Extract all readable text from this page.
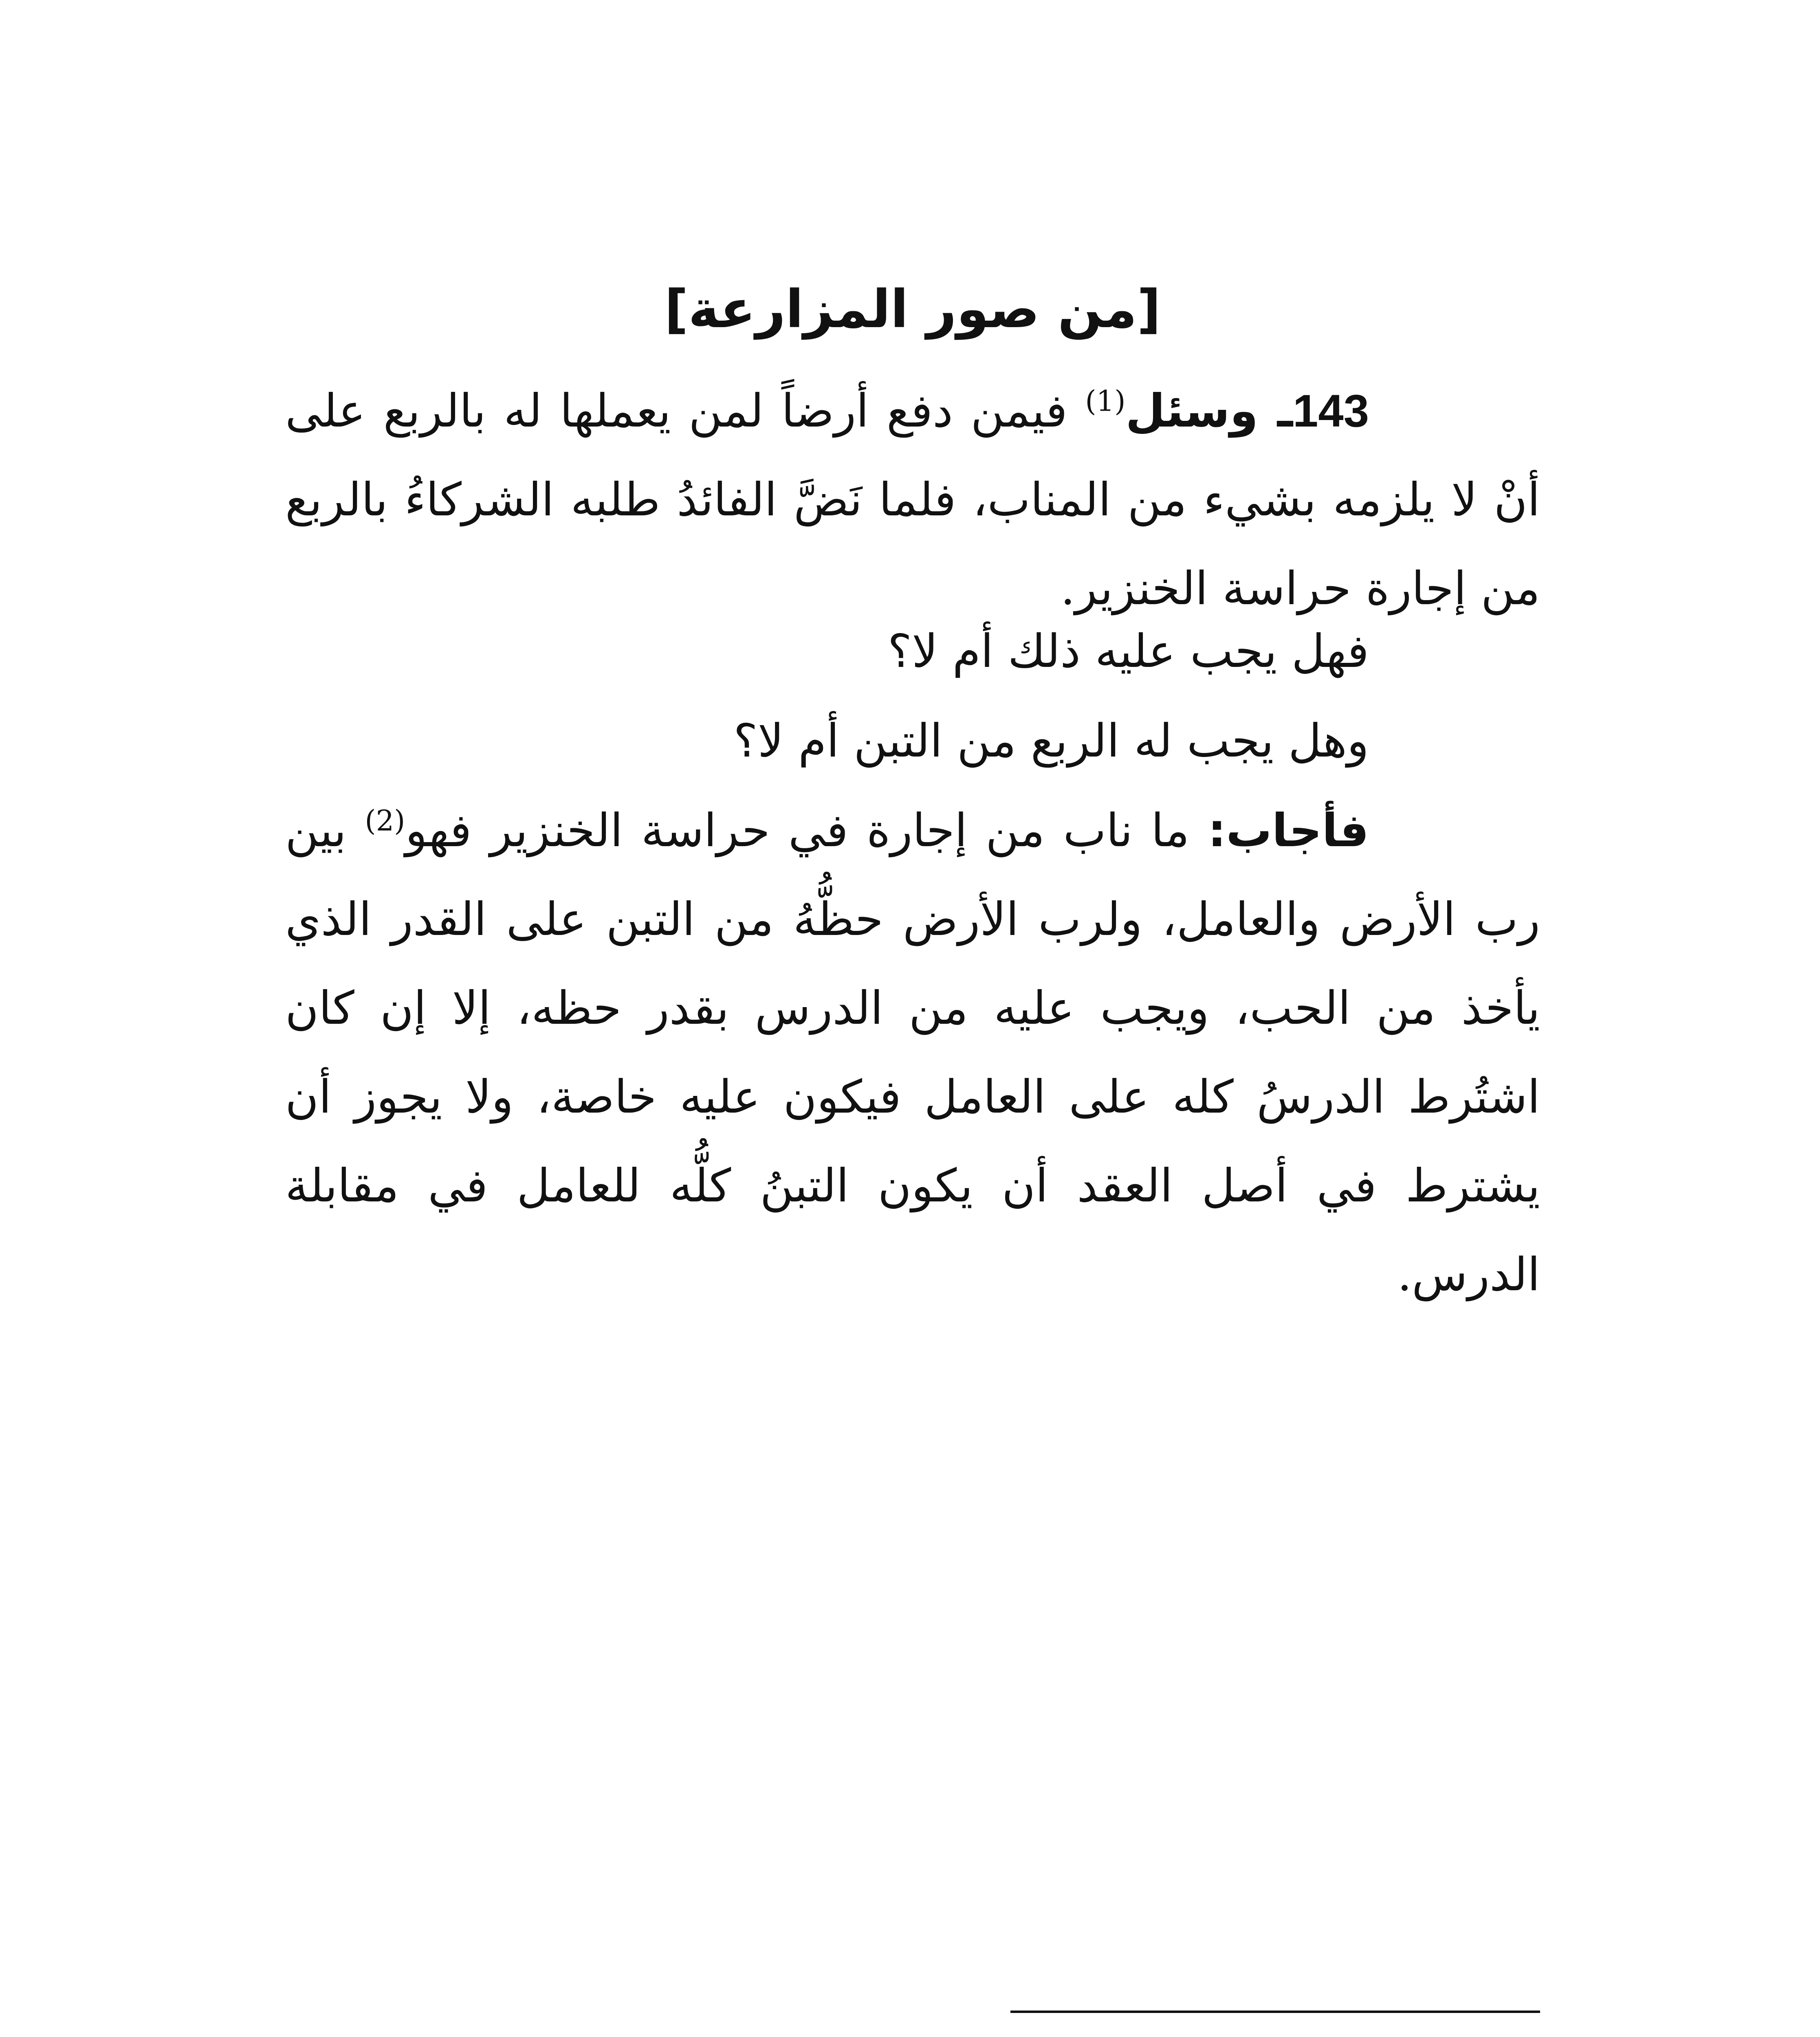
[من صور المزارعة]

143ـ وسئل$^{(1)}$ فيمن دفع أرضاً لمن يعملها له بالربع على أنْ لا يلزمه بشيء من المناب، فلما نَضَّ الفائدُ طلبه الشركاءُ بالربع من إجارة حراسة الخنزير.

فهل يجب عليه ذلك أم لا؟

وهل يجب له الربع من التبن أم لا؟

فأجاب: ما ناب من إجارة في حراسة الخنزير فهو$^{(2)}$ بين رب الأرض والعامل، ولرب الأرض حظُّهُ من التبن على القدر الذي يأخذ من الحب، ويجب عليه من الدرس بقدر حظه، إلا إن كان اشتُرط الدرسُ كله على العامل فيكون عليه خاصة، ولا يجوز أن يشترط في أصل العقد أن يكون التبنُ كلُّه للعامل في مقابلة الدرس.
